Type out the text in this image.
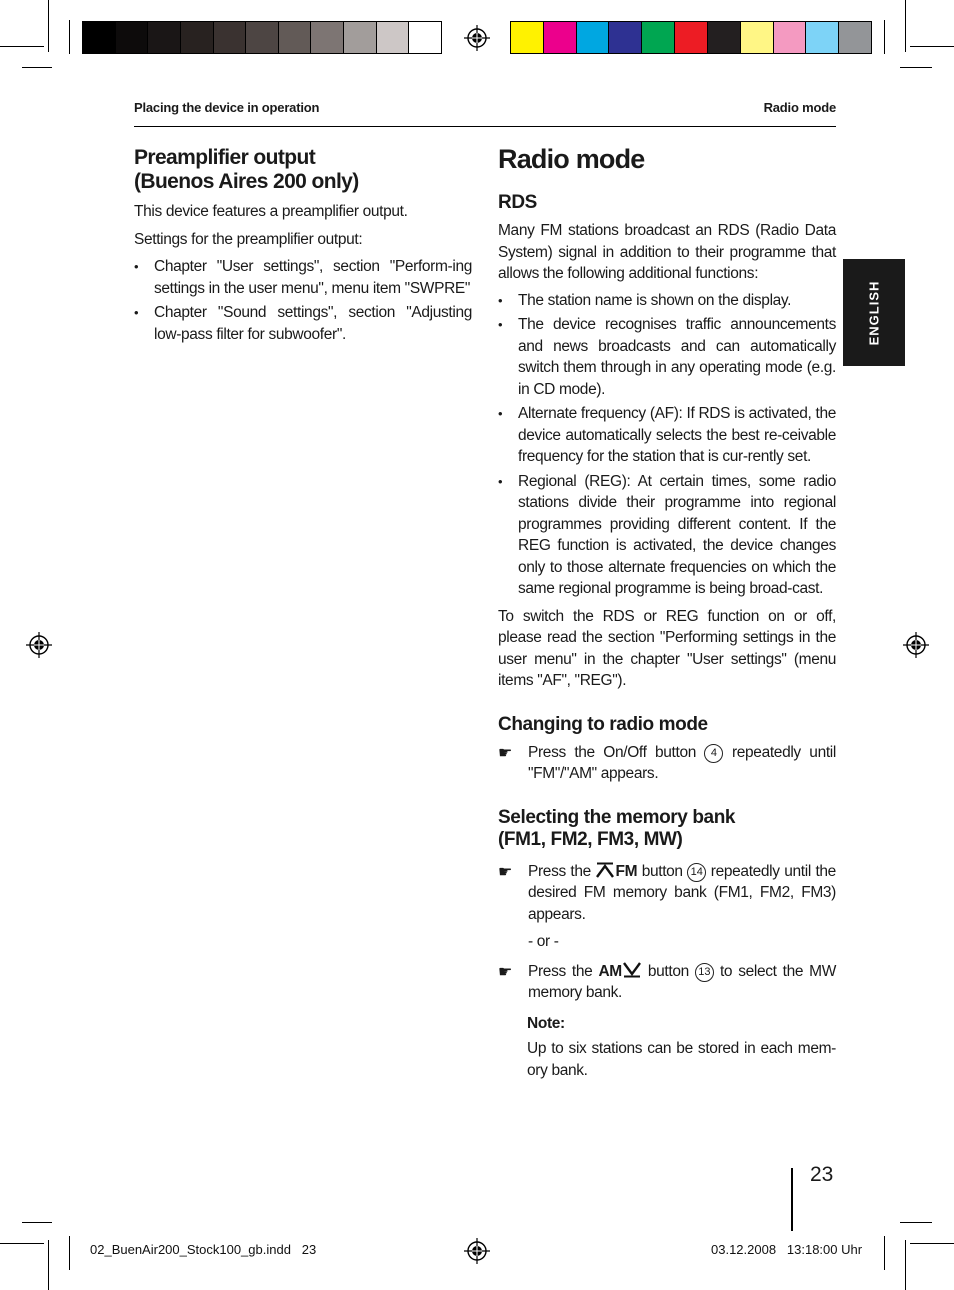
Placing the device in operation	Radio mode
Preamplifier output
(Buenos Aires 200 only)

This device features a preamplifier output.

Settings for the preamplifier output:

• Chapter "User settings", section "Perform-ing settings in the user menu", menu item "SWPRE"
• Chapter "Sound settings", section "Adjusting low-pass filter for subwoofer".
Radio mode
RDS

Many FM stations broadcast an RDS (Radio Data System) signal in addition to their programme that allows the following additional functions:

• The station name is shown on the display.
• The device recognises traffic announcements and news broadcasts and can automatically switch them through in any operating mode (e.g. in CD mode).
• Alternate frequency (AF): If RDS is activated, the device automatically selects the best re-ceivable frequency for the station that is cur-rently set.
• Regional (REG): At certain times, some radio stations divide their programme into regional programmes providing different content. If the REG function is activated, the device changes only to those alternate frequencies on which the same regional programme is being broad-cast.

To switch the RDS or REG function on or off, please read the section "Performing settings in the user menu" in the chapter "User settings" (menu items "AF", "REG").

Changing to radio mode
☛ Press the On/Off button 4 repeatedly until "FM"/"AM" appears.
Selecting the memory bank
(FM1, FM2, FM3, MW)
☛ Press the FM button 14 repeatedly until the desired FM memory bank (FM1, FM2, FM3) appears.

- or -

☛ Press the AM button 13 to select the MW memory bank.

Note:

Up to six stations can be stored in each mem-ory bank.

ENGLISH
23
02_BuenAir200_Stock100_gb.indd   23	03.12.2008   13:18:00 Uhr
